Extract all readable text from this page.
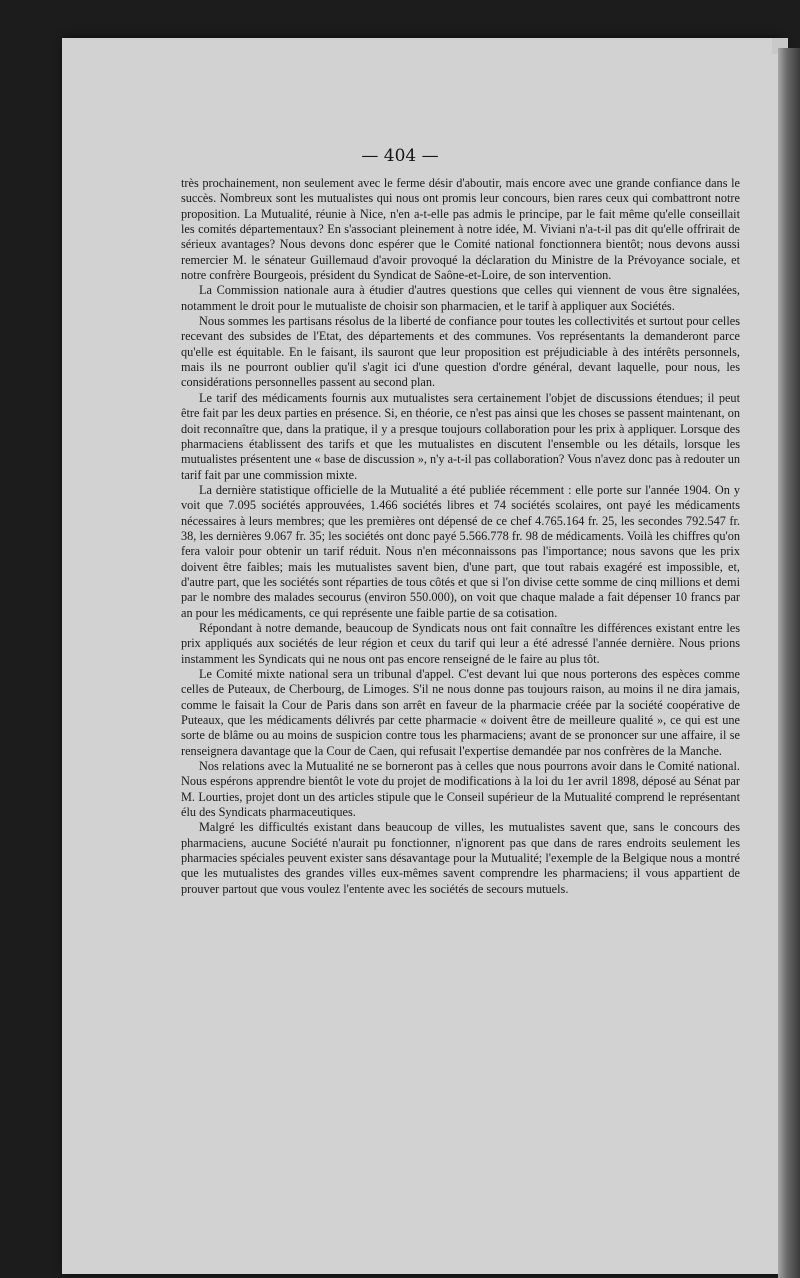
— 404 —

très prochainement, non seulement avec le ferme désir d'aboutir, mais encore avec une grande confiance dans le succès. Nombreux sont les mutualistes qui nous ont promis leur concours, bien rares ceux qui combattront notre proposition. La Mutualité, réunie à Nice, n'en a-t-elle pas admis le principe, par le fait même qu'elle conseillait les comités départementaux? En s'associant pleinement à notre idée, M. Viviani n'a-t-il pas dit qu'elle offrirait de sérieux avantages? Nous devons donc espérer que le Comité national fonctionnera bientôt; nous devons aussi remercier M. le sénateur Guillemaud d'avoir provoqué la déclaration du Ministre de la Prévoyance sociale, et notre confrère Bourgeois, président du Syndicat de Saône-et-Loire, de son intervention.

La Commission nationale aura à étudier d'autres questions que celles qui viennent de vous être signalées, notamment le droit pour le mutualiste de choisir son pharmacien, et le tarif à appliquer aux Sociétés.

Nous sommes les partisans résolus de la liberté de confiance pour toutes les collectivités et surtout pour celles recevant des subsides de l'Etat, des départements et des communes. Vos représentants la demanderont parce qu'elle est équitable. En le faisant, ils sauront que leur proposition est préjudiciable à des intérêts personnels, mais ils ne pourront oublier qu'il s'agit ici d'une question d'ordre général, devant laquelle, pour nous, les considérations personnelles passent au second plan.

Le tarif des médicaments fournis aux mutualistes sera certainement l'objet de discussions étendues; il peut être fait par les deux parties en présence. Si, en théorie, ce n'est pas ainsi que les choses se passent maintenant, on doit reconnaître que, dans la pratique, il y a presque toujours collaboration pour les prix à appliquer. Lorsque des pharmaciens établissent des tarifs et que les mutualistes en discutent l'ensemble ou les détails, lorsque les mutualistes présentent une « base de discussion », n'y a-t-il pas collaboration? Vous n'avez donc pas à redouter un tarif fait par une commission mixte.

La dernière statistique officielle de la Mutualité a été publiée récemment : elle porte sur l'année 1904. On y voit que 7.095 sociétés approuvées, 1.466 sociétés libres et 74 sociétés scolaires, ont payé les médicaments nécessaires à leurs membres; que les premières ont dépensé de ce chef 4.765.164 fr. 25, les secondes 792.547 fr. 38, les dernières 9.067 fr. 35; les sociétés ont donc payé 5.566.778 fr. 98 de médicaments. Voilà les chiffres qu'on fera valoir pour obtenir un tarif réduit. Nous n'en méconnaissons pas l'importance; nous savons que les prix doivent être faibles; mais les mutualistes savent bien, d'une part, que tout rabais exagéré est impossible, et, d'autre part, que les sociétés sont réparties de tous côtés et que si l'on divise cette somme de cinq millions et demi par le nombre des malades secourus (environ 550.000), on voit que chaque malade a fait dépenser 10 francs par an pour les médicaments, ce qui représente une faible partie de sa cotisation.

Répondant à notre demande, beaucoup de Syndicats nous ont fait connaître les différences existant entre les prix appliqués aux sociétés de leur région et ceux du tarif qui leur a été adressé l'année dernière. Nous prions instamment les Syndicats qui ne nous ont pas encore renseigné de le faire au plus tôt.

Le Comité mixte national sera un tribunal d'appel. C'est devant lui que nous porterons des espèces comme celles de Puteaux, de Cherbourg, de Limoges. S'il ne nous donne pas toujours raison, au moins il ne dira jamais, comme le faisait la Cour de Paris dans son arrêt en faveur de la pharmacie créée par la société coopérative de Puteaux, que les médicaments délivrés par cette pharmacie « doivent être de meilleure qualité », ce qui est une sorte de blâme ou au moins de suspicion contre tous les pharmaciens; avant de se prononcer sur une affaire, il se renseignera davantage que la Cour de Caen, qui refusait l'expertise demandée par nos confrères de la Manche.

Nos relations avec la Mutualité ne se borneront pas à celles que nous pourrons avoir dans le Comité national. Nous espérons apprendre bientôt le vote du projet de modifications à la loi du 1er avril 1898, déposé au Sénat par M. Lourties, projet dont un des articles stipule que le Conseil supérieur de la Mutualité comprend le représentant élu des Syndicats pharmaceutiques.

Malgré les difficultés existant dans beaucoup de villes, les mutualistes savent que, sans le concours des pharmaciens, aucune Société n'aurait pu fonctionner, n'ignorent pas que dans de rares endroits seulement les pharmacies spéciales peuvent exister sans désavantage pour la Mutualité; l'exemple de la Belgique nous a montré que les mutualistes des grandes villes eux-mêmes savent comprendre les pharmaciens; il vous appartient de prouver partout que vous voulez l'entente avec les sociétés de secours mutuels.
